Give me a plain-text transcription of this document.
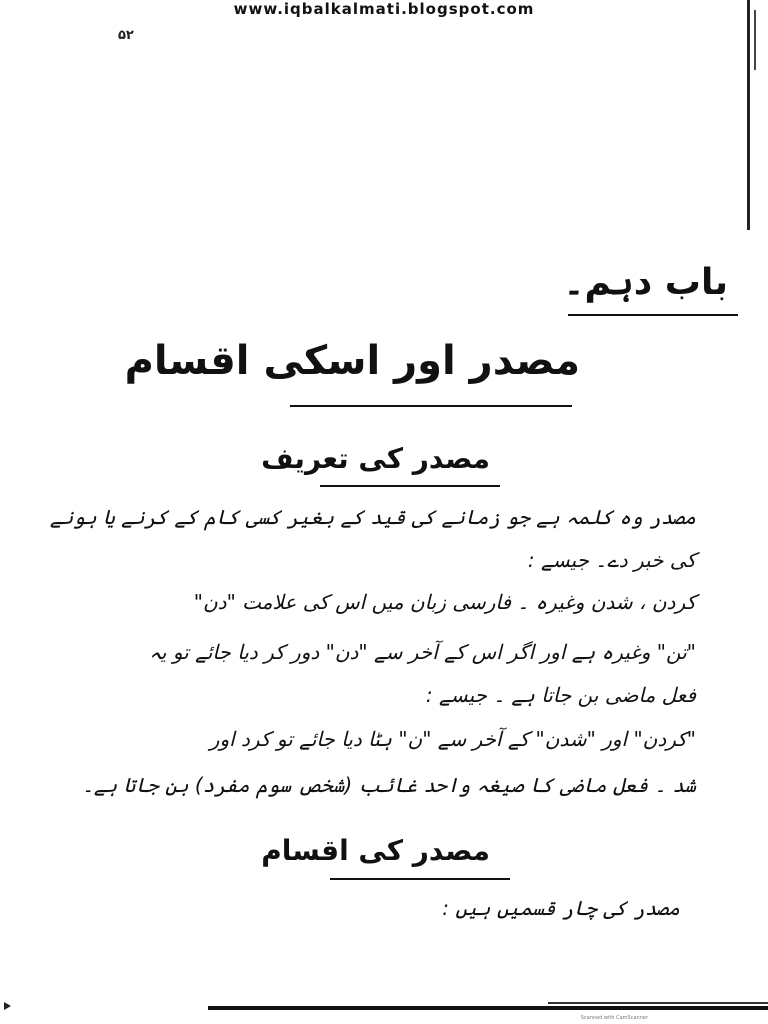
www.iqbalkalmati.blogspot.com
۵۲
باب دہم۔
مصدر اور اسکی اقسام
مصدر کی تعریف
مصدر وہ کلمہ ہے جو زمانے کی قید کے بغیر کسی کام کے کرنے یا ہونے
کی خبر دے۔ جیسے :
کردن ، شدن وغیرہ ۔ فارسی زبان میں اس کی علامت "دن"
"تن" وغیرہ ہے اور اگر اس کے آخر سے "دن" دور کر دیا جائے تو یہ
فعل ماضی بن جاتا ہے ۔ جیسے :
"کردن" اور "شدن" کے آخر سے "ن" ہٹا دیا جائے تو کرد اور
شد ۔ فعل ماضی کا صیغہ واحد غائب (شخص سوم مفرد) بن جاتا ہے۔
مصدر کی اقسام
مصدر کی چار قسمیں ہیں :
Scanned with CamScanner
